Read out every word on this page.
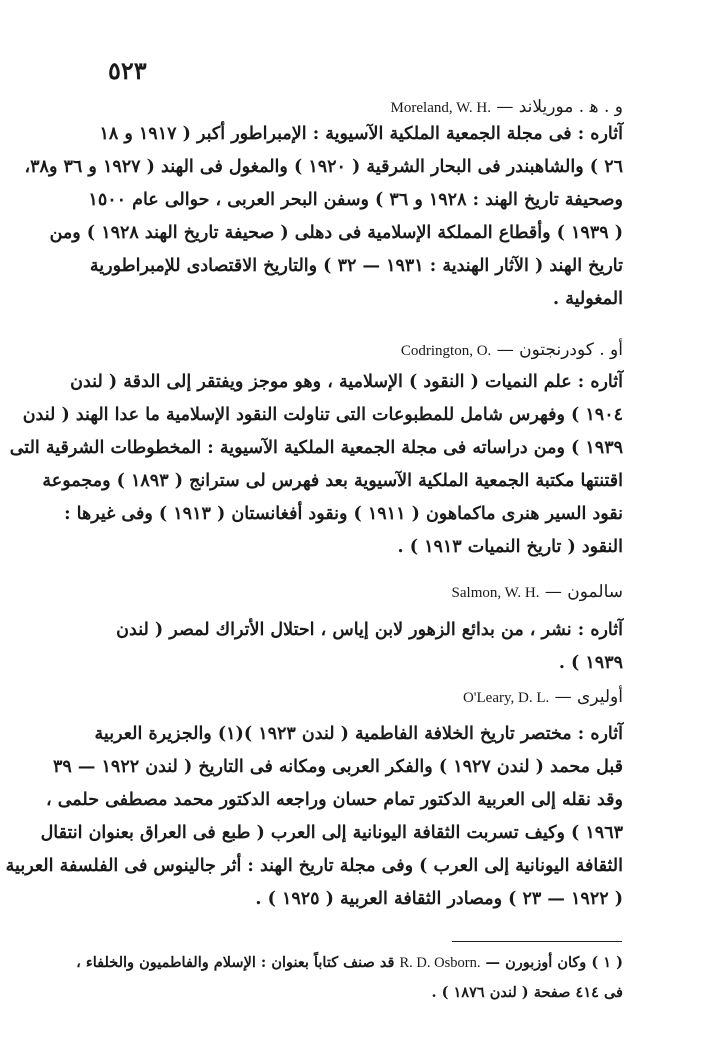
٥٢٣
و . ﻫ . موريلاند — Moreland, W. H.
آثاره : فى مجلة الجمعية الملكية الآسيوية : الإمبراطور أكبر ( ١٩١٧ و ١٨
٢٦ ) والشاهبندر فى البحار الشرقية ( ١٩٢٠ ) والمغول فى الهند ( ١٩٢٧ و ٣٦ و٣٨،
وصحيفة تاريخ الهند : ١٩٢٨ و ٣٦ ) وسفن البحر العربى ، حوالى عام ١٥٠٠
( ١٩٣٩ ) وأقطاع المملكة الإسلامية فى دهلى ( صحيفة تاريخ الهند ١٩٢٨ ) ومن
تاريخ الهند ( الآثار الهندية : ١٩٣١ — ٣٢ ) والتاريخ الاقتصادى للإمبراطورية
المغولية .
أو . كودرنجتون — Codrington, O.
آثاره : علم النميات ( النقود ) الإسلامية ، وهو موجز ويفتقر إلى الدقة ( لندن
١٩٠٤ ) وفهرس شامل للمطبوعات التى تناولت النقود الإسلامية ما عدا الهند ( لندن
١٩٣٩ ) ومن دراساته فى مجلة الجمعية الملكية الآسيوية : المخطوطات الشرقية التى
اقتنتها مكتبة الجمعية الملكية الآسيوية بعد فهرس لى سترانج ( ١٨٩٣ ) ومجموعة
نقود السير هنرى ماكماهون ( ١٩١١ ) ونقود أفغانستان ( ١٩١٣ ) وفى غيرها :
النقود ( تاريخ النميات ١٩١٣ ) .
سالمون — Salmon, W. H.
آثاره : نشر ، من بدائع الزهور لابن إياس ، احتلال الأتراك لمصر ( لندن
١٩٣٩ ) .
أوليرى — O'Leary, D. L.
آثاره : مختصر تاريخ الخلافة الفاطمية ( لندن ١٩٢٣ )(١) والجزيرة العربية
قبل محمد ( لندن ١٩٢٧ ) والفكر العربى ومكانه فى التاريخ ( لندن ١٩٢٢ — ٣٩
وقد نقله إلى العربية الدكتور تمام حسان وراجعه الدكتور محمد مصطفى حلمى ،
١٩٦٣ ) وكيف تسربت الثقافة اليونانية إلى العرب ( طبع فى العراق بعنوان انتقال
الثقافة اليونانية إلى العرب ) وفى مجلة تاريخ الهند : أثر جالينوس فى الفلسفة العربية
( ١٩٢٢ — ٢٣ ) ومصادر الثقافة العربية ( ١٩٢٥ ) .
( ١ ) وكان أوزبورن — R. D. Osborn. قد صنف كتاباً بعنوان : الإسلام والفاطميون والخلفاء ،
فى ٤١٤ صفحة ( لندن ١٨٧٦ ) .
